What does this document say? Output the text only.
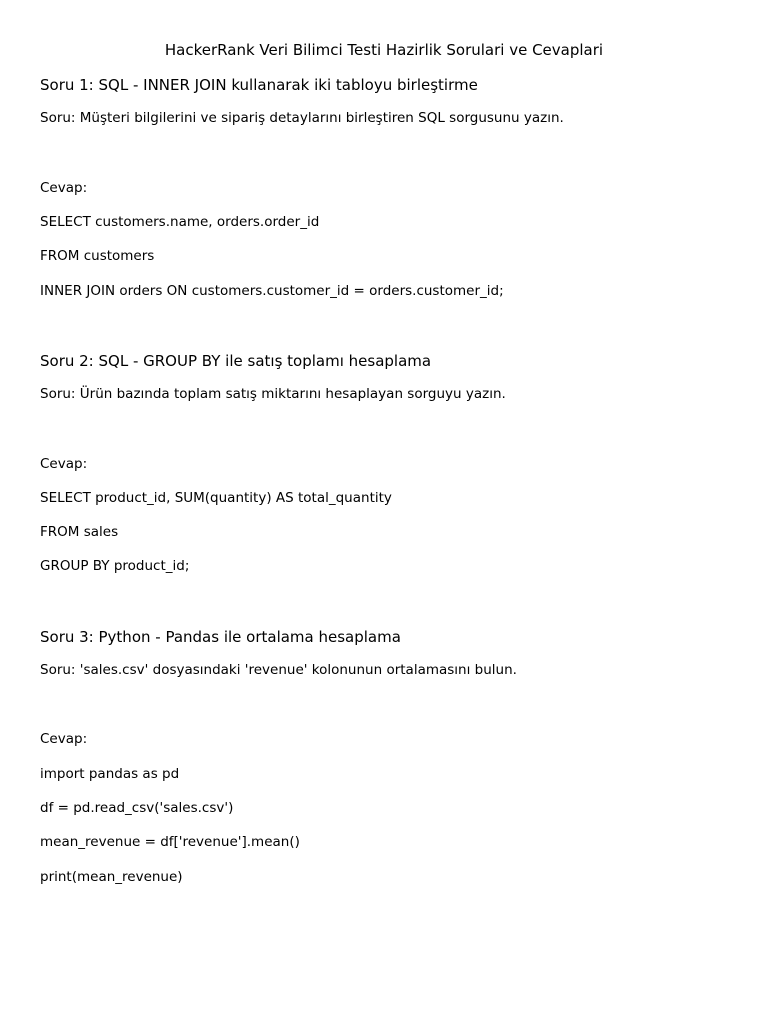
HackerRank Veri Bilimci Testi Hazirlik Sorulari ve Cevaplari
Soru 1: SQL - INNER JOIN kullanarak iki tabloyu birleştirme
Soru: Müşteri bilgilerini ve sipariş detaylarını birleştiren SQL sorgusunu yazın.
Cevap:
SELECT customers.name, orders.order_id
FROM customers
INNER JOIN orders ON customers.customer_id = orders.customer_id;
Soru 2: SQL - GROUP BY ile satış toplamı hesaplama
Soru: Ürün bazında toplam satış miktarını hesaplayan sorguyu yazın.
Cevap:
SELECT product_id, SUM(quantity) AS total_quantity
FROM sales
GROUP BY product_id;
Soru 3: Python - Pandas ile ortalama hesaplama
Soru: 'sales.csv' dosyasındaki 'revenue' kolonunun ortalamasını bulun.
Cevap:
import pandas as pd
df = pd.read_csv('sales.csv')
mean_revenue = df['revenue'].mean()
print(mean_revenue)
